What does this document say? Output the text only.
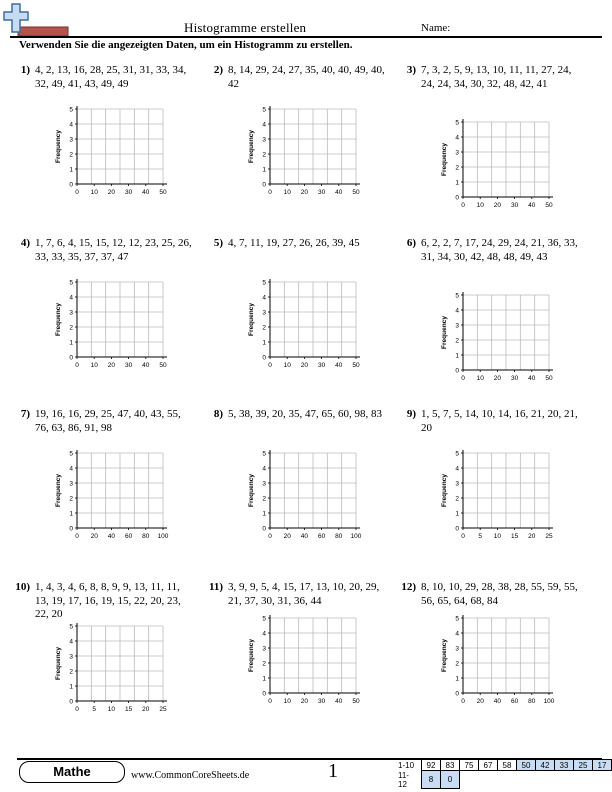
Histogramme erstellen	Name:
Verwenden Sie die angezeigten Daten, um ein Histogramm zu erstellen.
1) 4, 2, 13, 16, 28, 25, 31, 31, 33, 34, 32, 49, 41, 43, 49, 49
0
1
2
3
4
5
0 10 20 30 40 50
Frequency
2) 8, 14, 29, 24, 27, 35, 40, 40, 49, 40, 42
0
1
2
3
4
5
0 10 20 30 40 50
Frequency
3) 7, 3, 2, 5, 9, 13, 10, 11, 11, 27, 24, 24, 24, 34, 30, 32, 48, 42, 41
0
1
2
3
4
5
0 10 20 30 40 50
Frequency
4) 1, 7, 6, 4, 15, 15, 12, 12, 23, 25, 26, 33, 33, 35, 37, 37, 47
0
1
2
3
4
5
0 10 20 30 40 50
Frequency
5) 4, 7, 11, 19, 27, 26, 26, 39, 45
0
1
2
3
4
5
0 10 20 30 40 50
Frequency
6) 6, 2, 2, 7, 17, 24, 29, 24, 21, 36, 33, 31, 34, 30, 42, 48, 48, 49, 43
0
1
2
3
4
5
0 10 20 30 40 50
Frequency
7) 19, 16, 16, 29, 25, 47, 40, 43, 55, 76, 63, 86, 91, 98
0
1
2
3
4
5
0 20 40 60 80 100
Frequency
8) 5, 38, 39, 20, 35, 47, 65, 60, 98, 83
0
1
2
3
4
5
0 20 40 60 80 100
Frequency
9) 1, 5, 7, 5, 14, 10, 14, 16, 21, 20, 21, 20
0
1
2
3
4
5
0 5 10 15 20 25
Frequency
10) 1, 4, 3, 4, 6, 8, 8, 9, 9, 13, 11, 11, 13, 19, 17, 16, 19, 15, 22, 20, 23, 22, 20
0
1
2
3
4
5
0 5 10 15 20 25
Frequency
11) 3, 9, 9, 5, 4, 15, 17, 13, 10, 20, 29, 21, 37, 30, 31, 36, 44
0
1
2
3
4
5
0 10 20 30 40 50
Frequency
12) 8, 10, 10, 29, 28, 38, 28, 55, 59, 55, 56, 65, 64, 68, 84
0
1
2
3
4
5
0 20 40 60 80 100
Frequency
Mathe	www.CommonCoreSheets.de	1	1-10	92	83	75	67	58	50	42	33	25	17
11-12	8	0								
